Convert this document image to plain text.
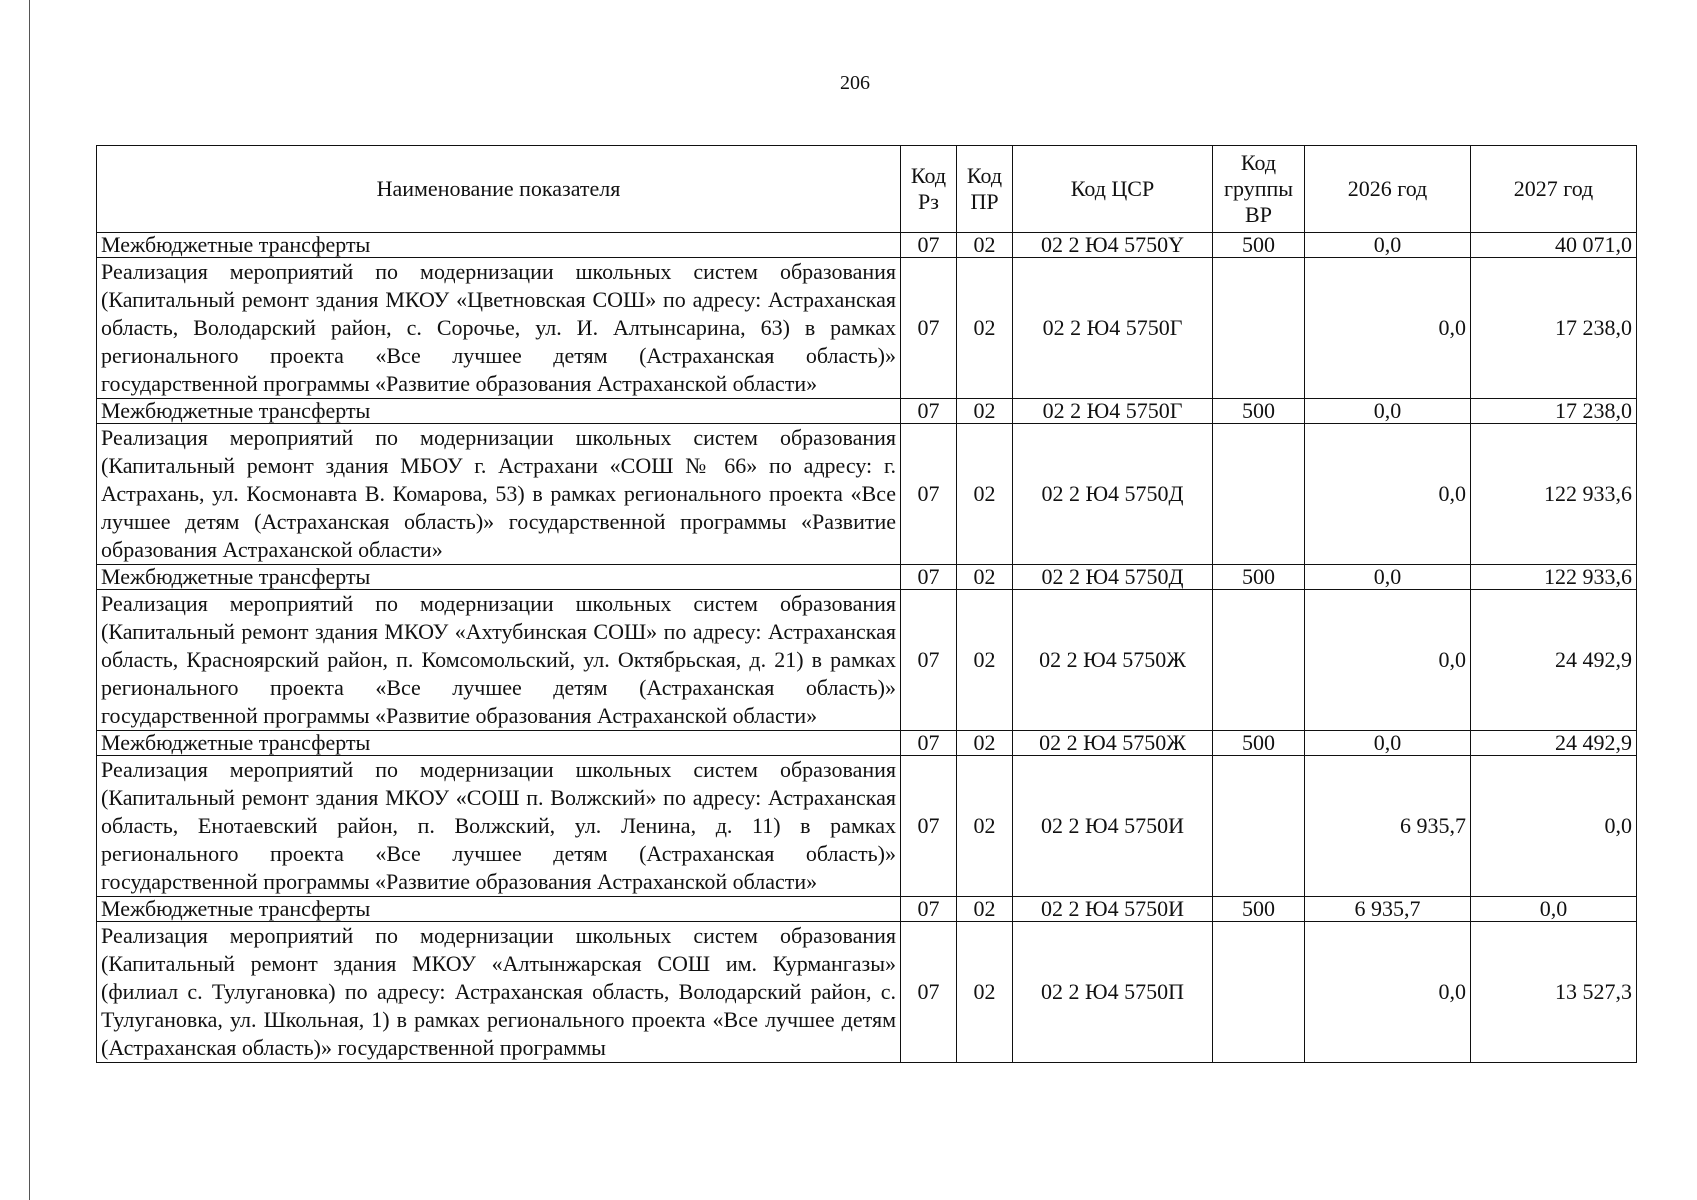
206
Наименование показателя	Код Рз	Код ПР	Код ЦСР	Код группы ВР	2026 год	2027 год
Межбюджетные трансферты	07	02	02 2 Ю4 5750Y	500	0,0	40 071,0
Реализация мероприятий по модернизации школьных систем образования (Капитальный ремонт здания МКОУ «Цветновская СОШ» по адресу: Астраханская область, Володарский район, с. Сорочье, ул. И. Алтынсарина, 63) в рамках регионального проекта «Все лучшее детям (Астраханская область)» государственной программы «Развитие образования Астраханской области»	07	02	02 2 Ю4 5750Г		0,0	17 238,0
Межбюджетные трансферты	07	02	02 2 Ю4 5750Г	500	0,0	17 238,0
Реализация мероприятий по модернизации школьных систем образования (Капитальный ремонт здания МБОУ г. Астрахани «СОШ № 66» по адресу: г. Астрахань, ул. Космонавта В. Комарова, 53) в рамках регионального проекта «Все лучшее детям (Астраханская область)» государственной программы «Развитие образования Астраханской области»	07	02	02 2 Ю4 5750Д		0,0	122 933,6
Межбюджетные трансферты	07	02	02 2 Ю4 5750Д	500	0,0	122 933,6
Реализация мероприятий по модернизации школьных систем образования (Капитальный ремонт здания МКОУ «Ахтубинская СОШ» по адресу: Астраханская область, Красноярский район, п. Комсомольский, ул. Октябрьская, д. 21) в рамках регионального проекта «Все лучшее детям (Астраханская область)» государственной программы «Развитие образования Астраханской области»	07	02	02 2 Ю4 5750Ж		0,0	24 492,9
Межбюджетные трансферты	07	02	02 2 Ю4 5750Ж	500	0,0	24 492,9
Реализация мероприятий по модернизации школьных систем образования (Капитальный ремонт здания МКОУ «СОШ п. Волжский» по адресу: Астраханская область, Енотаевский район, п. Волжский, ул. Ленина, д. 11) в рамках регионального проекта «Все лучшее детям (Астраханская область)» государственной программы «Развитие образования Астраханской области»	07	02	02 2 Ю4 5750И		6 935,7	0,0
Межбюджетные трансферты	07	02	02 2 Ю4 5750И	500	6 935,7	0,0

Реализация мероприятий по модернизации школьных систем образования (Капитальный ремонт здания МКОУ «Алтынжарская СОШ им. Курмангазы» (филиал с. Тулугановка) по адресу: Астраханская область, Володарский район, с. Тулугановка, ул. Школьная, 1) в рамках регионального проекта «Все лучшее детям (Астраханская область)» государственной программы	07	02	02 2 Ю4 5750П		0,0	13 527,3
